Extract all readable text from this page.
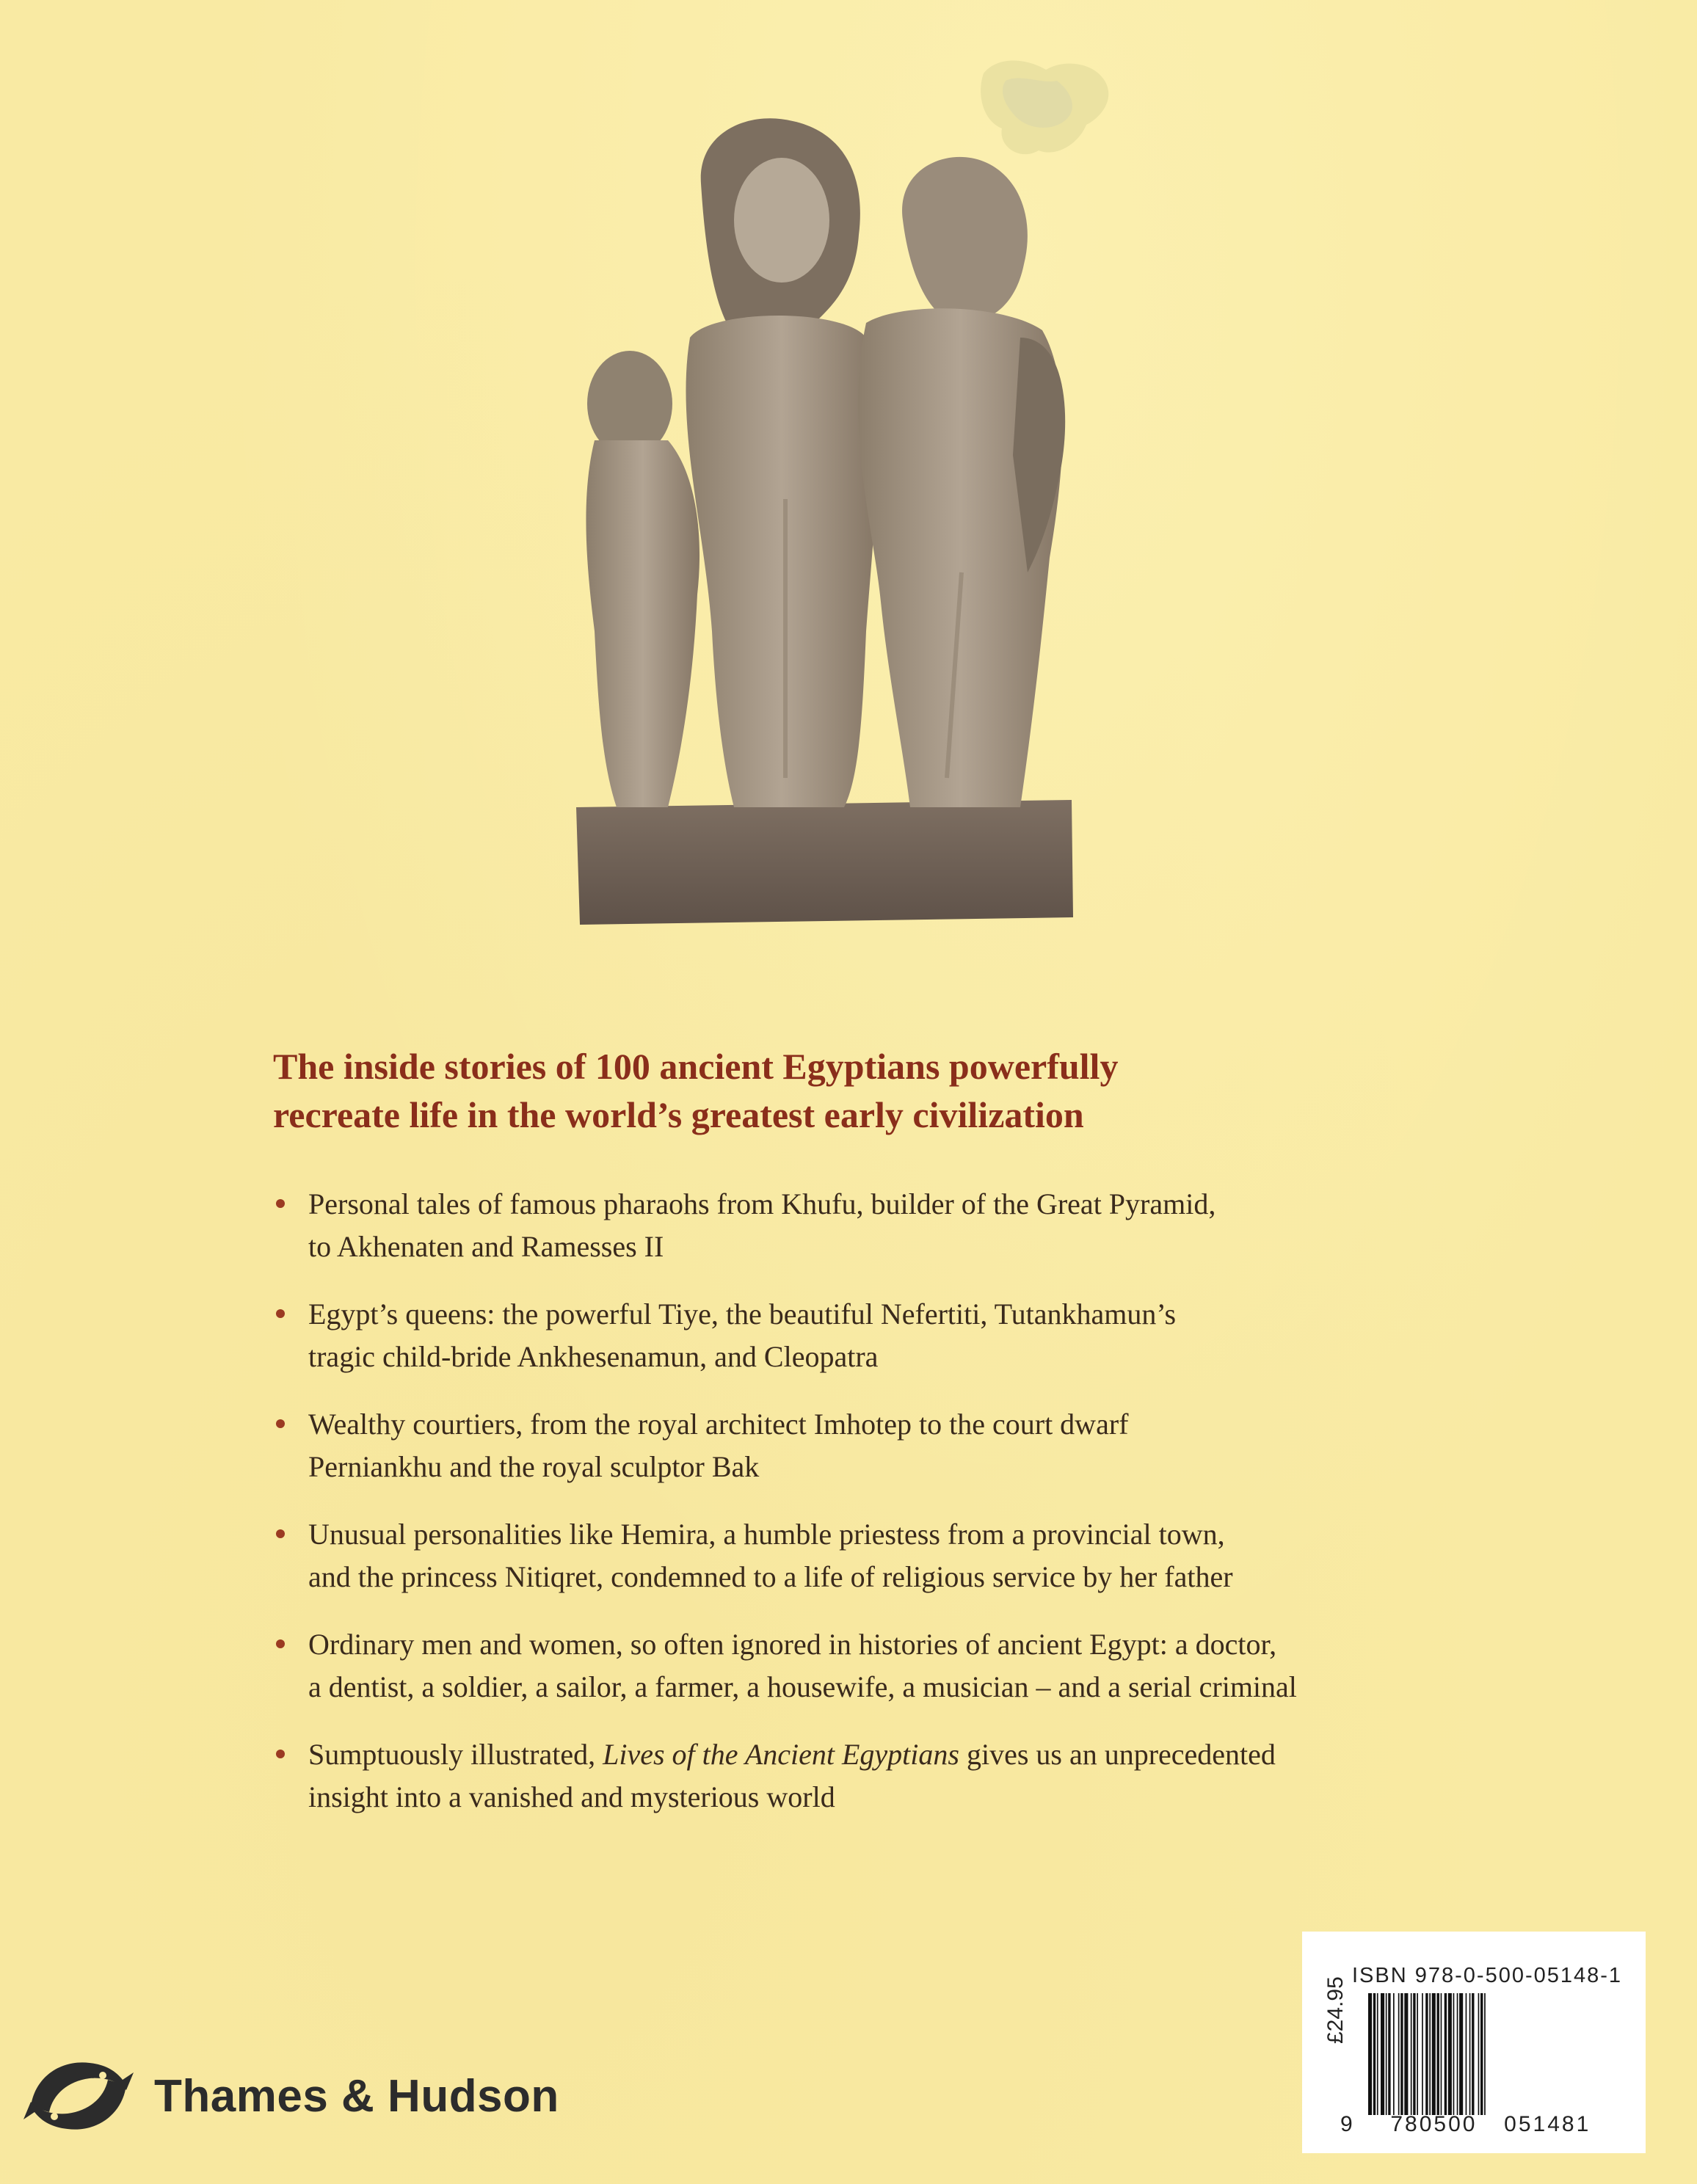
The inside stories of 100 ancient Egyptians powerfully
recreate life in the world’s greatest early civilization
Personal tales of famous pharaohs from Khufu, builder of the Great Pyramid,
to Akhenaten and Ramesses II
Egypt’s queens: the powerful Tiye, the beautiful Nefertiti, Tutankhamun’s
tragic child-bride Ankhesenamun, and Cleopatra
Wealthy courtiers, from the royal architect Imhotep to the court dwarf
Perniankhu and the royal sculptor Bak
Unusual personalities like Hemira, a humble priestess from a provincial town,
and the princess Nitiqret, condemned to a life of religious service by her father
Ordinary men and women, so often ignored in histories of ancient Egypt: a doctor,
a dentist, a soldier, a sailor, a farmer, a housewife, a musician – and a serial criminal
Sumptuously illustrated, Lives of the Ancient Egyptians gives us an unprecedented
insight into a vanished and mysterious world
Thames & Hudson
£24.95
ISBN 978-0-500-05148-1
9 780500 051481
